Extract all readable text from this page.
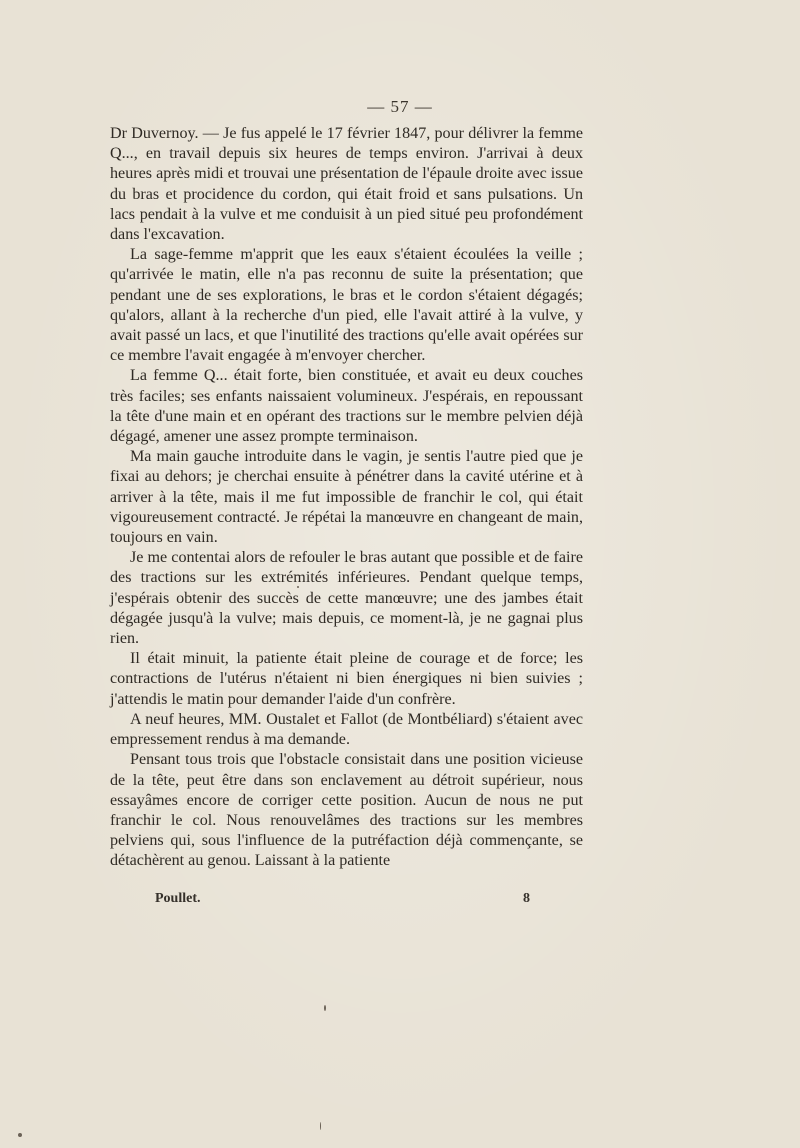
— 57 —

Dr Duvernoy. — Je fus appelé le 17 février 1847, pour délivrer la femme Q..., en travail depuis six heures de temps environ. J'arrivai à deux heures après midi et trouvai une présentation de l'épaule droite avec issue du bras et procidence du cordon, qui était froid et sans pulsations. Un lacs pendait à la vulve et me conduisit à un pied situé peu profondément dans l'excavation.

La sage-femme m'apprit que les eaux s'étaient écoulées la veille ; qu'arrivée le matin, elle n'a pas reconnu de suite la présentation; que pendant une de ses explorations, le bras et le cordon s'étaient dégagés; qu'alors, allant à la recherche d'un pied, elle l'avait attiré à la vulve, y avait passé un lacs, et que l'inutilité des tractions qu'elle avait opérées sur ce membre l'avait engagée à m'envoyer chercher.

La femme Q... était forte, bien constituée, et avait eu deux couches très faciles; ses enfants naissaient volumineux. J'espérais, en repoussant la tête d'une main et en opérant des tractions sur le membre pelvien déjà dégagé, amener une assez prompte terminaison.

Ma main gauche introduite dans le vagin, je sentis l'autre pied que je fixai au dehors; je cherchai ensuite à pénétrer dans la cavité utérine et à arriver à la tête, mais il me fut impossible de franchir le col, qui était vigoureusement contracté. Je répétai la manœuvre en changeant de main, toujours en vain.

Je me contentai alors de refouler le bras autant que possible et de faire des tractions sur les extrémités inférieures. Pendant quelque temps, j'espérais obtenir des succès de cette manœuvre; une des jambes était dégagée jusqu'à la vulve; mais depuis, ce moment-là, je ne gagnai plus rien.

Il était minuit, la patiente était pleine de courage et de force; les contractions de l'utérus n'étaient ni bien énergiques ni bien suivies ; j'attendis le matin pour demander l'aide d'un confrère.

A neuf heures, MM. Oustalet et Fallot (de Montbéliard) s'étaient avec empressement rendus à ma demande.

Pensant tous trois que l'obstacle consistait dans une position vicieuse de la tête, peut être dans son enclavement au détroit supérieur, nous essayâmes encore de corriger cette position. Aucun de nous ne put franchir le col. Nous renouvelâmes des tractions sur les membres pelviens qui, sous l'influence de la putréfaction déjà commençante, se détachèrent au genou. Laissant à la patiente

Poullet.	8
